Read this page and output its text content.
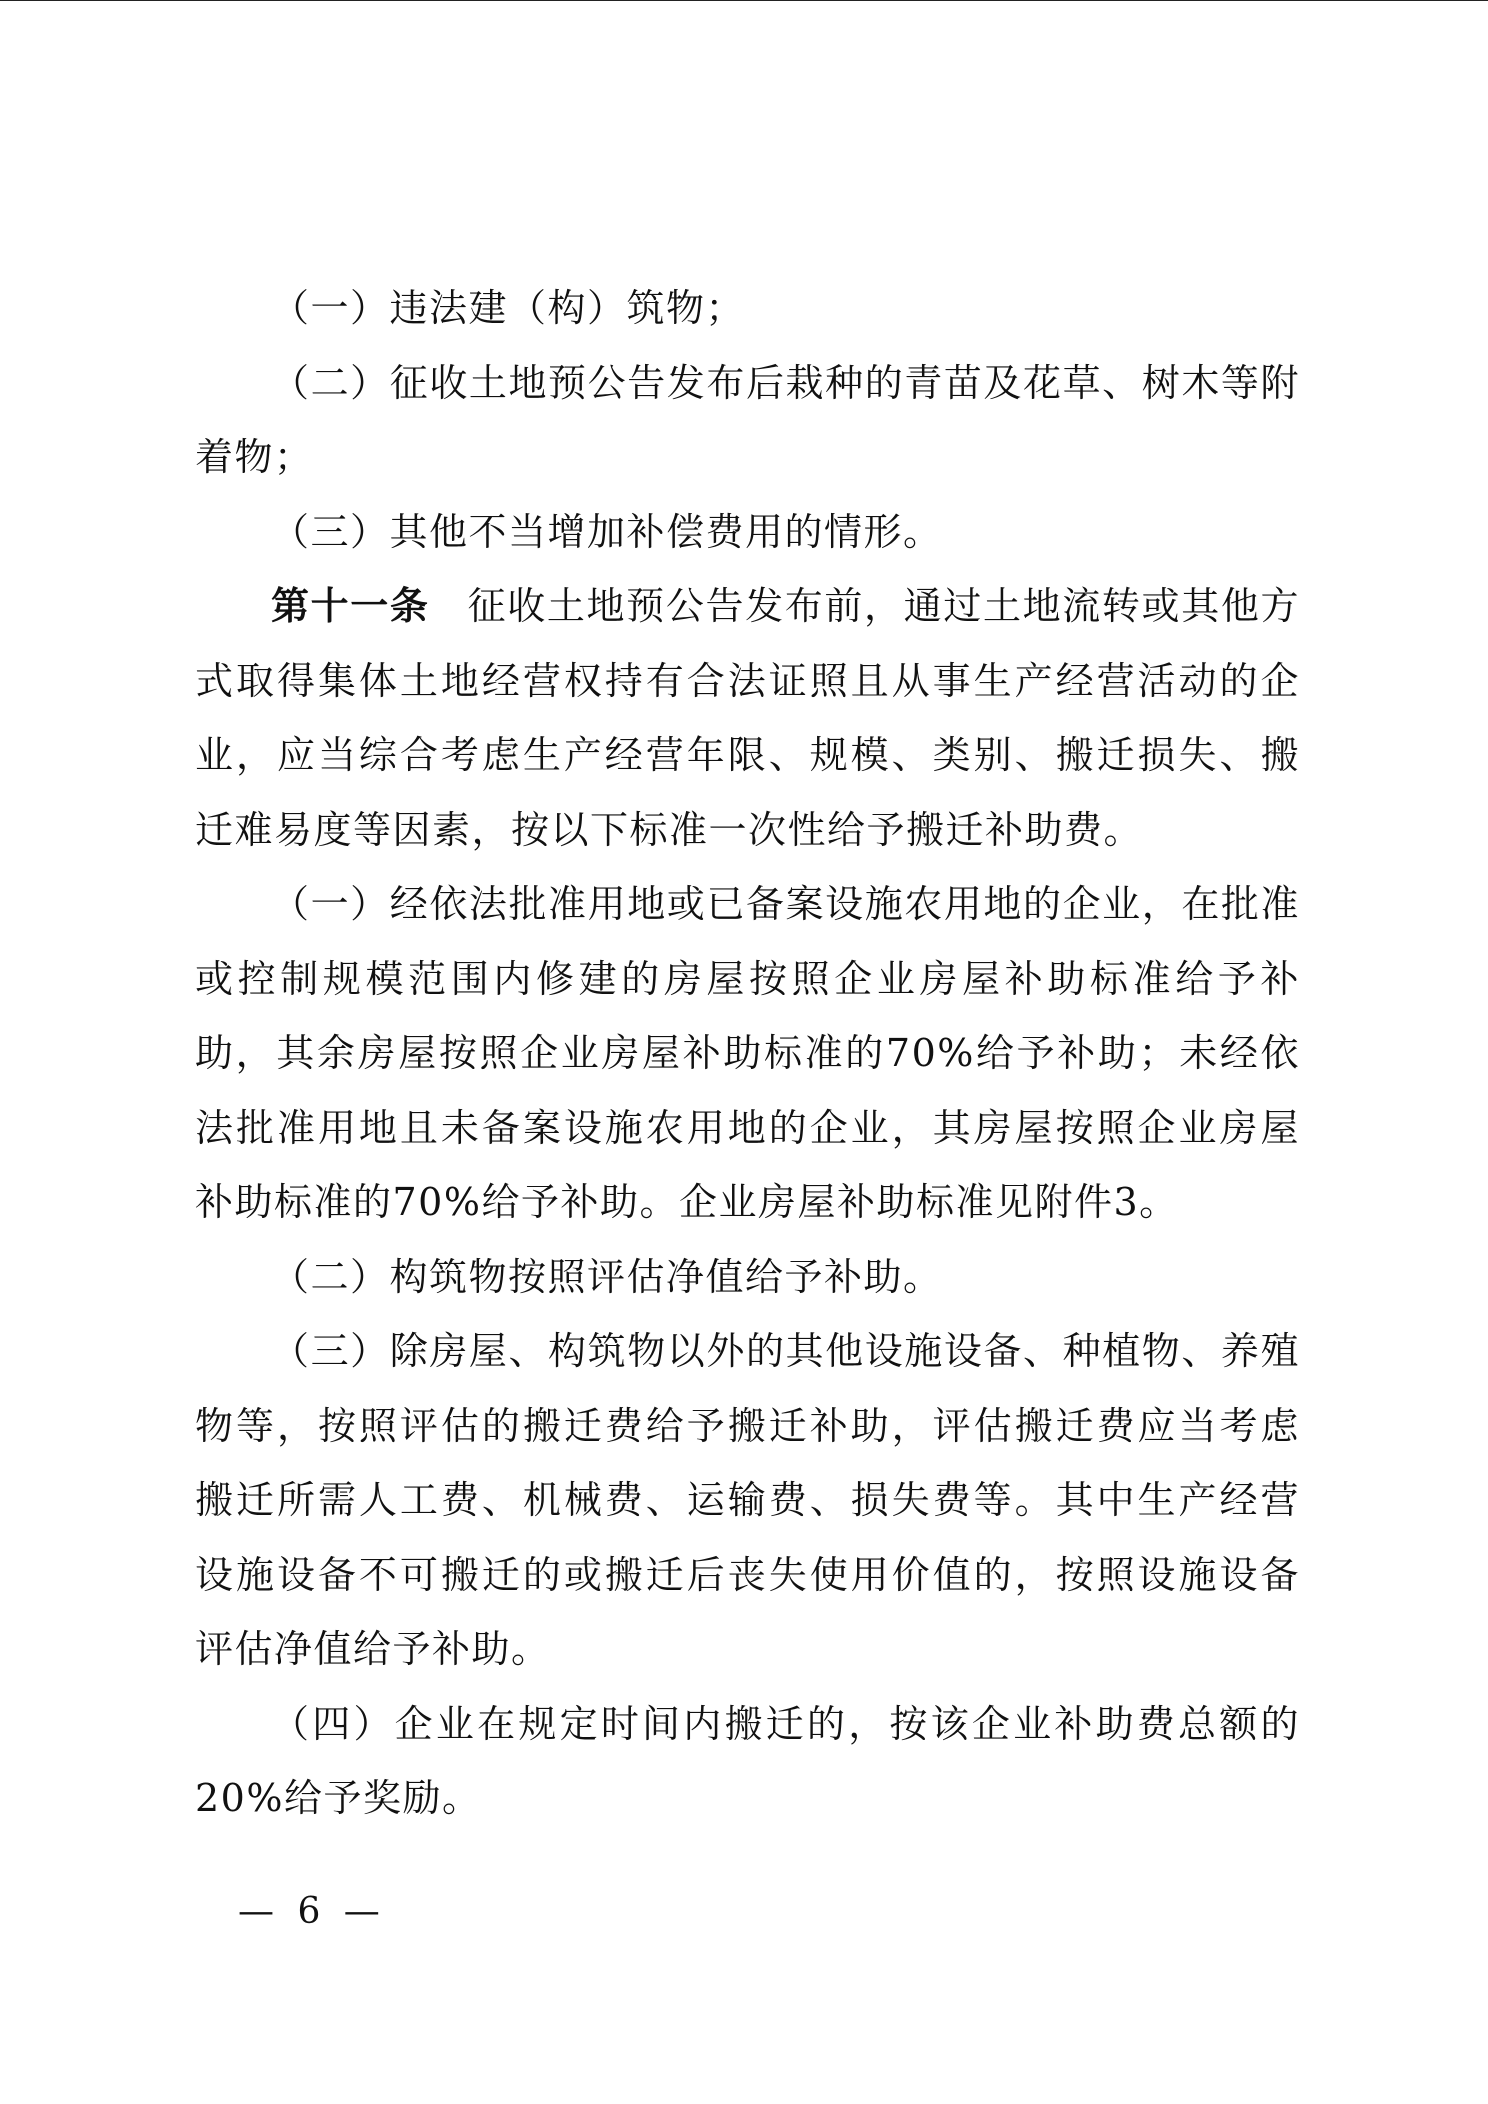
（一）违法建（构）筑物；

（二）征收土地预公告发布后栽种的青苗及花草、树木等附着物；

（三）其他不当增加补偿费用的情形。

第十一条 征收土地预公告发布前，通过土地流转或其他方式取得集体土地经营权持有合法证照且从事生产经营活动的企业，应当综合考虑生产经营年限、规模、类别、搬迁损失、搬迁难易度等因素，按以下标准一次性给予搬迁补助费。

（一）经依法批准用地或已备案设施农用地的企业，在批准或控制规模范围内修建的房屋按照企业房屋补助标准给予补助，其余房屋按照企业房屋补助标准的70%给予补助；未经依法批准用地且未备案设施农用地的企业，其房屋按照企业房屋补助标准的70%给予补助。企业房屋补助标准见附件3。

（二）构筑物按照评估净值给予补助。

（三）除房屋、构筑物以外的其他设施设备、种植物、养殖物等，按照评估的搬迁费给予搬迁补助，评估搬迁费应当考虑搬迁所需人工费、机械费、运输费、损失费等。其中生产经营设施设备不可搬迁的或搬迁后丧失使用价值的，按照设施设备评估净值给予补助。

（四）企业在规定时间内搬迁的，按该企业补助费总额的20%给予奖励。

— 6 —
